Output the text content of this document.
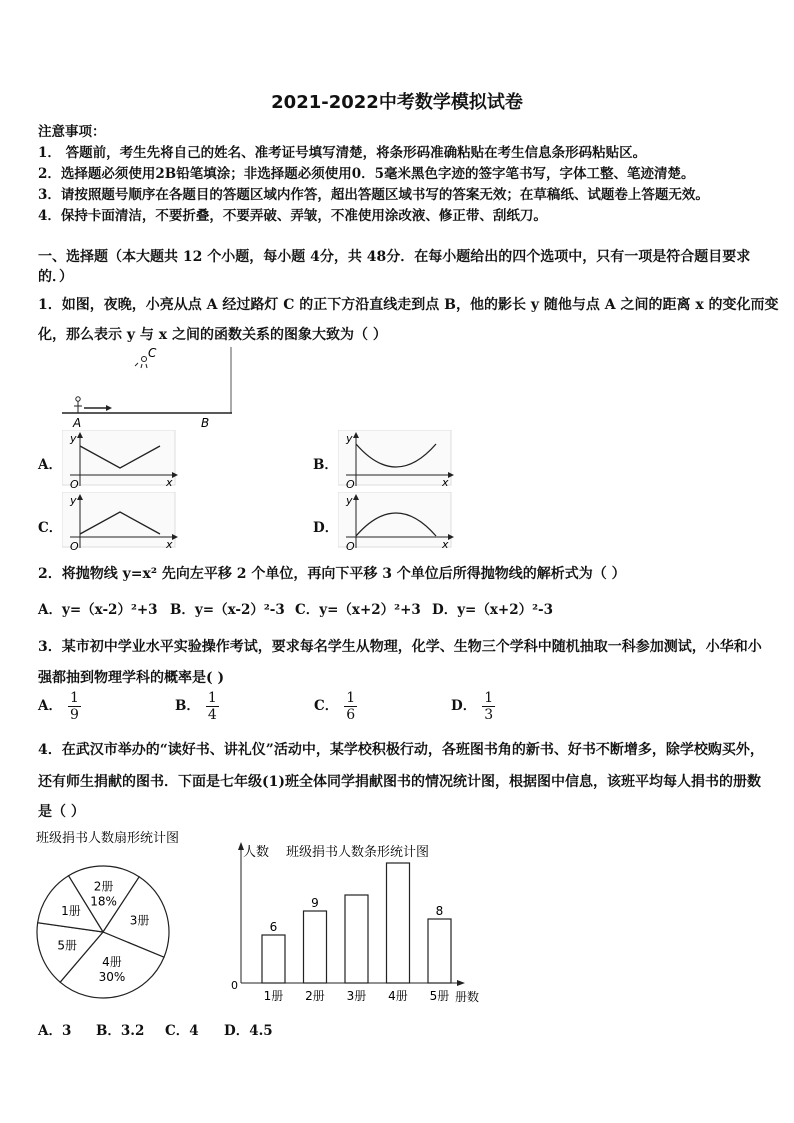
2021-2022中考数学模拟试卷
注意事项：
1． 答题前，考生先将自己的姓名、准考证号填写清楚，将条形码准确粘贴在考生信息条形码粘贴区。
2．选择题必须使用2B铅笔填涂；非选择题必须使用0．5毫米黑色字迹的签字笔书写，字体工整、笔迹清楚。
3．请按照题号顺序在各题目的答题区域内作答，超出答题区域书写的答案无效；在草稿纸、试题卷上答题无效。
4．保持卡面清洁，不要折叠，不要弄破、弄皱，不准使用涂改液、修正带、刮纸刀。
一、选择题（本大题共 12 个小题，每小题 4分，共 48分．在每小题给出的四个选项中，只有一项是符合题目要求
的．）
1．如图，夜晚，小亮从点 A 经过路灯 C 的正下方沿直线走到点 B，他的影长 y 随他与点 A 之间的距离 x 的变化而变
化，那么表示 y 与 x 之间的函数关系的图象大致为（ ）
C
A	B
A．
y
O	x
B．
y
O	x
C．
y
O	x
D．
y
O	x
2．将抛物线 y=x² 先向左平移 2 个单位，再向下平移 3 个单位后所得抛物线的解析式为（ ）
A．y=（x-2）²+3 B．y=（x-2）²-3 C．y=（x+2）²+3 D．y=（x+2）²-3
3．某市初中学业水平实验操作考试，要求每名学生从物理，化学、生物三个学科中随机抽取一科参加测试，小华和小
强都抽到物理学科的概率是( )
A． $\frac{1}{9}$	B． $\frac{1}{4}$	C． $\frac{1}{6}$	D． $\frac{1}{3}$
4．在武汉市举办的“读好书、讲礼仪”活动中，某学校积极行动，各班图书角的新书、好书不断增多，除学校购买外，
还有师生捐献的图书．下面是七年级(1)班全体同学捐献图书的情况统计图，根据图中信息，该班平均每人捐书的册数
是（ ）
班级捐书人数扇形统计图
2册
18%
3册
4册
30%
5册
1册
人数 班级捐书人数条形统计图
0
册数
1册
6
2册
9
3册 4册 5册
8
A．3 B．3.2 C．4 D．4.5
